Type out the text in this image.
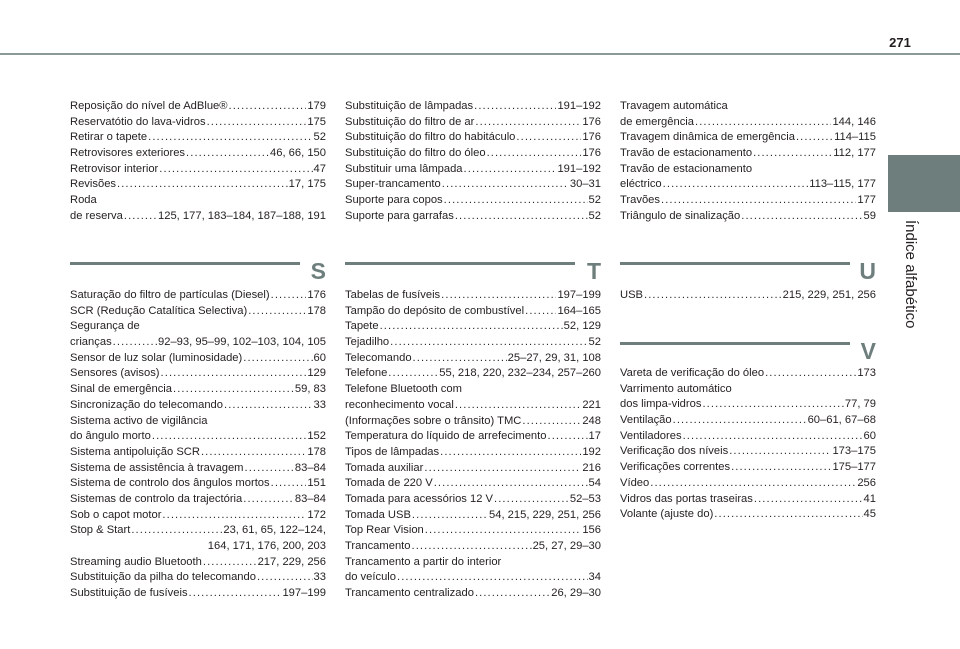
271
Índice alfabético
Reposição do nível de AdBlue® .....	179
Reservatótio do lava-vidros .....	175
Retirar o tapete .....	52
Retrovisores exteriores .....	46, 66, 150
Retrovisor interior .....	47
Revisões .....	17, 175
Roda
de reserva .....	125, 177, 183–184, 187–188, 191
S
Saturação do filtro de partículas (Diesel) .....	176
SCR (Redução Catalítica Selectiva) .....	178
Segurança de
crianças .....	92–93, 95–99, 102–103, 104, 105
Sensor de luz solar (luminosidade) .....	60
Sensores (avisos) .....	129
Sinal de emergência .....	59, 83
Sincronização do telecomando .....	33
Sistema activo de vigilância
do ângulo morto .....	152
Sistema antipoluição SCR .....	178
Sistema de assistência à travagem .....	83–84
Sistema de controlo dos ângulos mortos .....	151
Sistemas de controlo da trajectória .....	83–84
Sob o capot motor .....	172
Stop & Start .....	23, 61, 65, 122–124,
164, 171, 176, 200, 203
Streaming audio Bluetooth .....	217, 229, 256
Substituição da pilha do telecomando .....	33
Substituição de fusíveis .....	197–199
Substituição de lâmpadas .....	191–192
Substituição do filtro de ar .....	176
Substituição do filtro do habitáculo .....	176
Substituição do filtro do óleo .....	176
Substituir uma lâmpada .....	191–192
Super-trancamento .....	30–31
Suporte para copos .....	52
Suporte para garrafas .....	52
T
Tabelas de fusíveis .....	197–199
Tampão do depósito de combustível .....	164–165
Tapete .....	52, 129
Tejadilho .....	52
Telecomando .....	25–27, 29, 31, 108
Telefone .....	55, 218, 220, 232–234, 257–260
Telefone Bluetooth com
reconhecimento vocal .....	221
(Informações sobre o trânsito) TMC .....	248
Temperatura do líquido de arrefecimento .....	17
Tipos de lâmpadas .....	192
Tomada auxiliar .....	216
Tomada de 220 V .....	54
Tomada para acessórios 12 V .....	52–53
Tomada USB .....	54, 215, 229, 251, 256
Top Rear Vision .....	156
Trancamento .....	25, 27, 29–30
Trancamento a partir do interior
do veículo .....	34
Trancamento centralizado .....	26, 29–30
Travagem automática
de emergência .....	144, 146
Travagem dinâmica de emergência .....	114–115
Travão de estacionamento .....	112, 177
Travão de estacionamento
eléctrico .....	113–115, 177
Travões .....	177
Triângulo de sinalização .....	59
U
USB .....	215, 229, 251, 256
V
Vareta de verificação do óleo .....	173
Varrimento automático
dos limpa-vidros .....	77, 79
Ventilação .....	60–61, 67–68
Ventiladores .....	60
Verificação dos níveis .....	173–175
Verificações correntes .....	175–177
Vídeo .....	256
Vidros das portas traseiras .....	41
Volante (ajuste do) .....	45
